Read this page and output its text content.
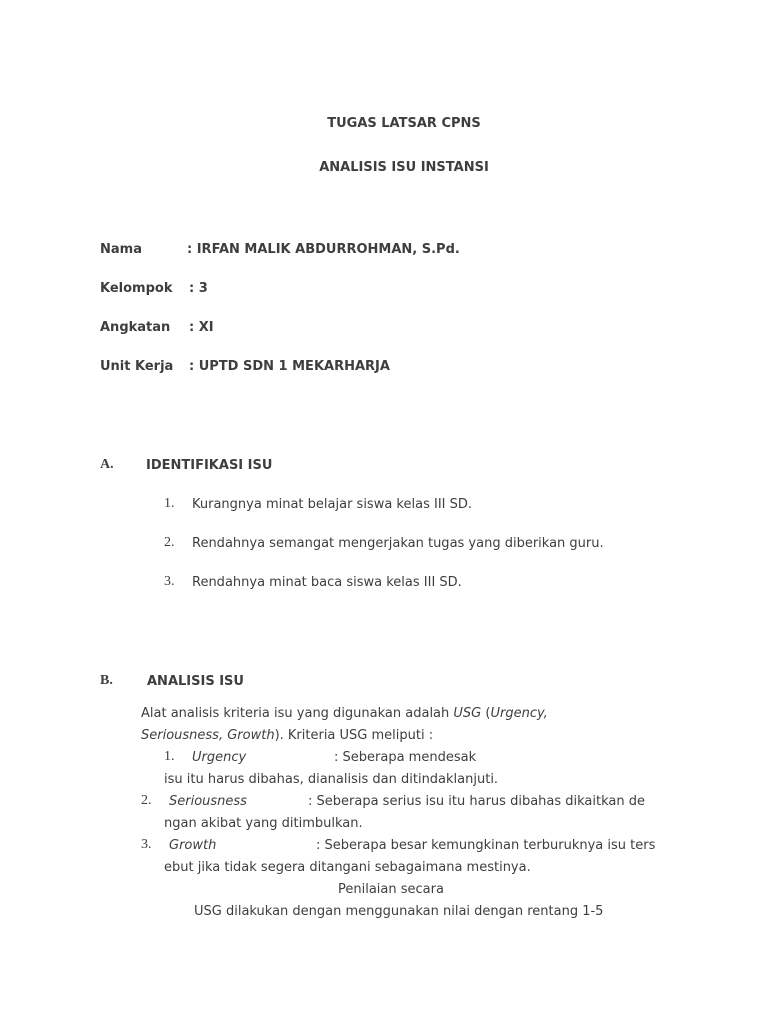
TUGAS LATSAR CPNS
ANALISIS ISU INSTANSI
Nama	: IRFAN MALIK ABDURROHMAN, S.Pd.
Kelompok : 3
Angkatan : XI
Unit Kerja : UPTD SDN 1 MEKARHARJA
A. IDENTIFIKASI ISU
1. Kurangnya minat belajar siswa kelas III SD.
2. Rendahnya semangat mengerjakan tugas yang diberikan guru.
3. Rendahnya minat baca siswa kelas III SD.
B.	ANALISIS ISU
Alat analisis kriteria isu yang digunakan adalah USG (Urgency,
Seriousness, Growth). Kriteria USG meliputi :
1. Urgency	: Seberapa mendesak
isu itu harus dibahas, dianalisis dan ditindaklanjuti.
2. Seriousness	: Seberapa serius isu itu harus dibahas dikaitkan de
ngan akibat yang ditimbulkan.
3. Growth	: Seberapa besar kemungkinan terburuknya isu ters
ebut jika tidak segera ditangani sebagaimana mestinya.
Penilaian secara
USG dilakukan dengan menggunakan nilai dengan rentang 1-5
